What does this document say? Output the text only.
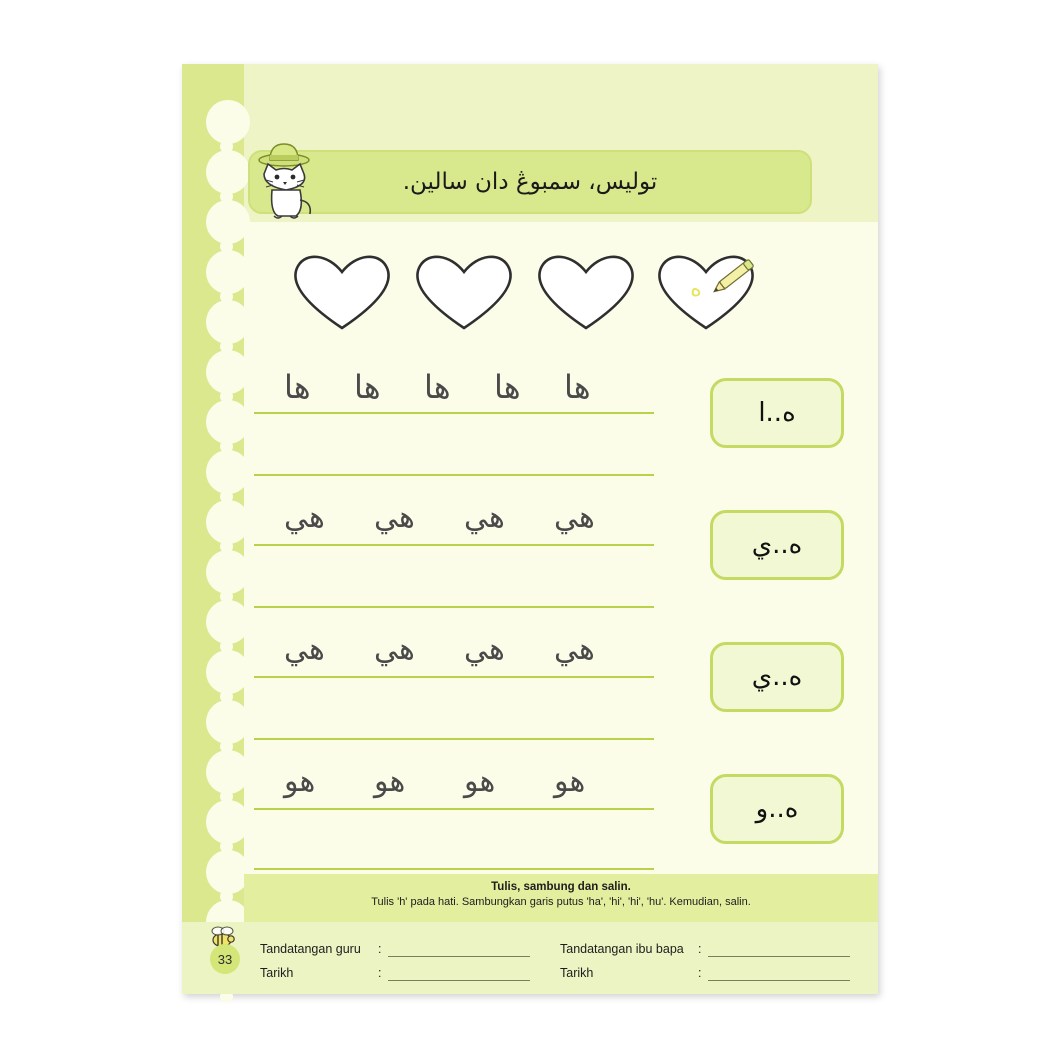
تولیس، سمبوڠ دان سالین.
ه
ها
ها
ها
ها
ها
ه..ا
هي
هي
هي
هي
ه..ي
هي
هي
هي
هي
ه..ي
هو
هو
هو
هو
ه..و
Tulis, sambung dan salin.
Tulis 'h' pada hati. Sambungkan garis putus 'ha', 'hi', 'hi', 'hu'. Kemudian, salin.
33
Tandatangan guru :
Tarikh	:
Tandatangan ibu bapa :
Tarikh	:
